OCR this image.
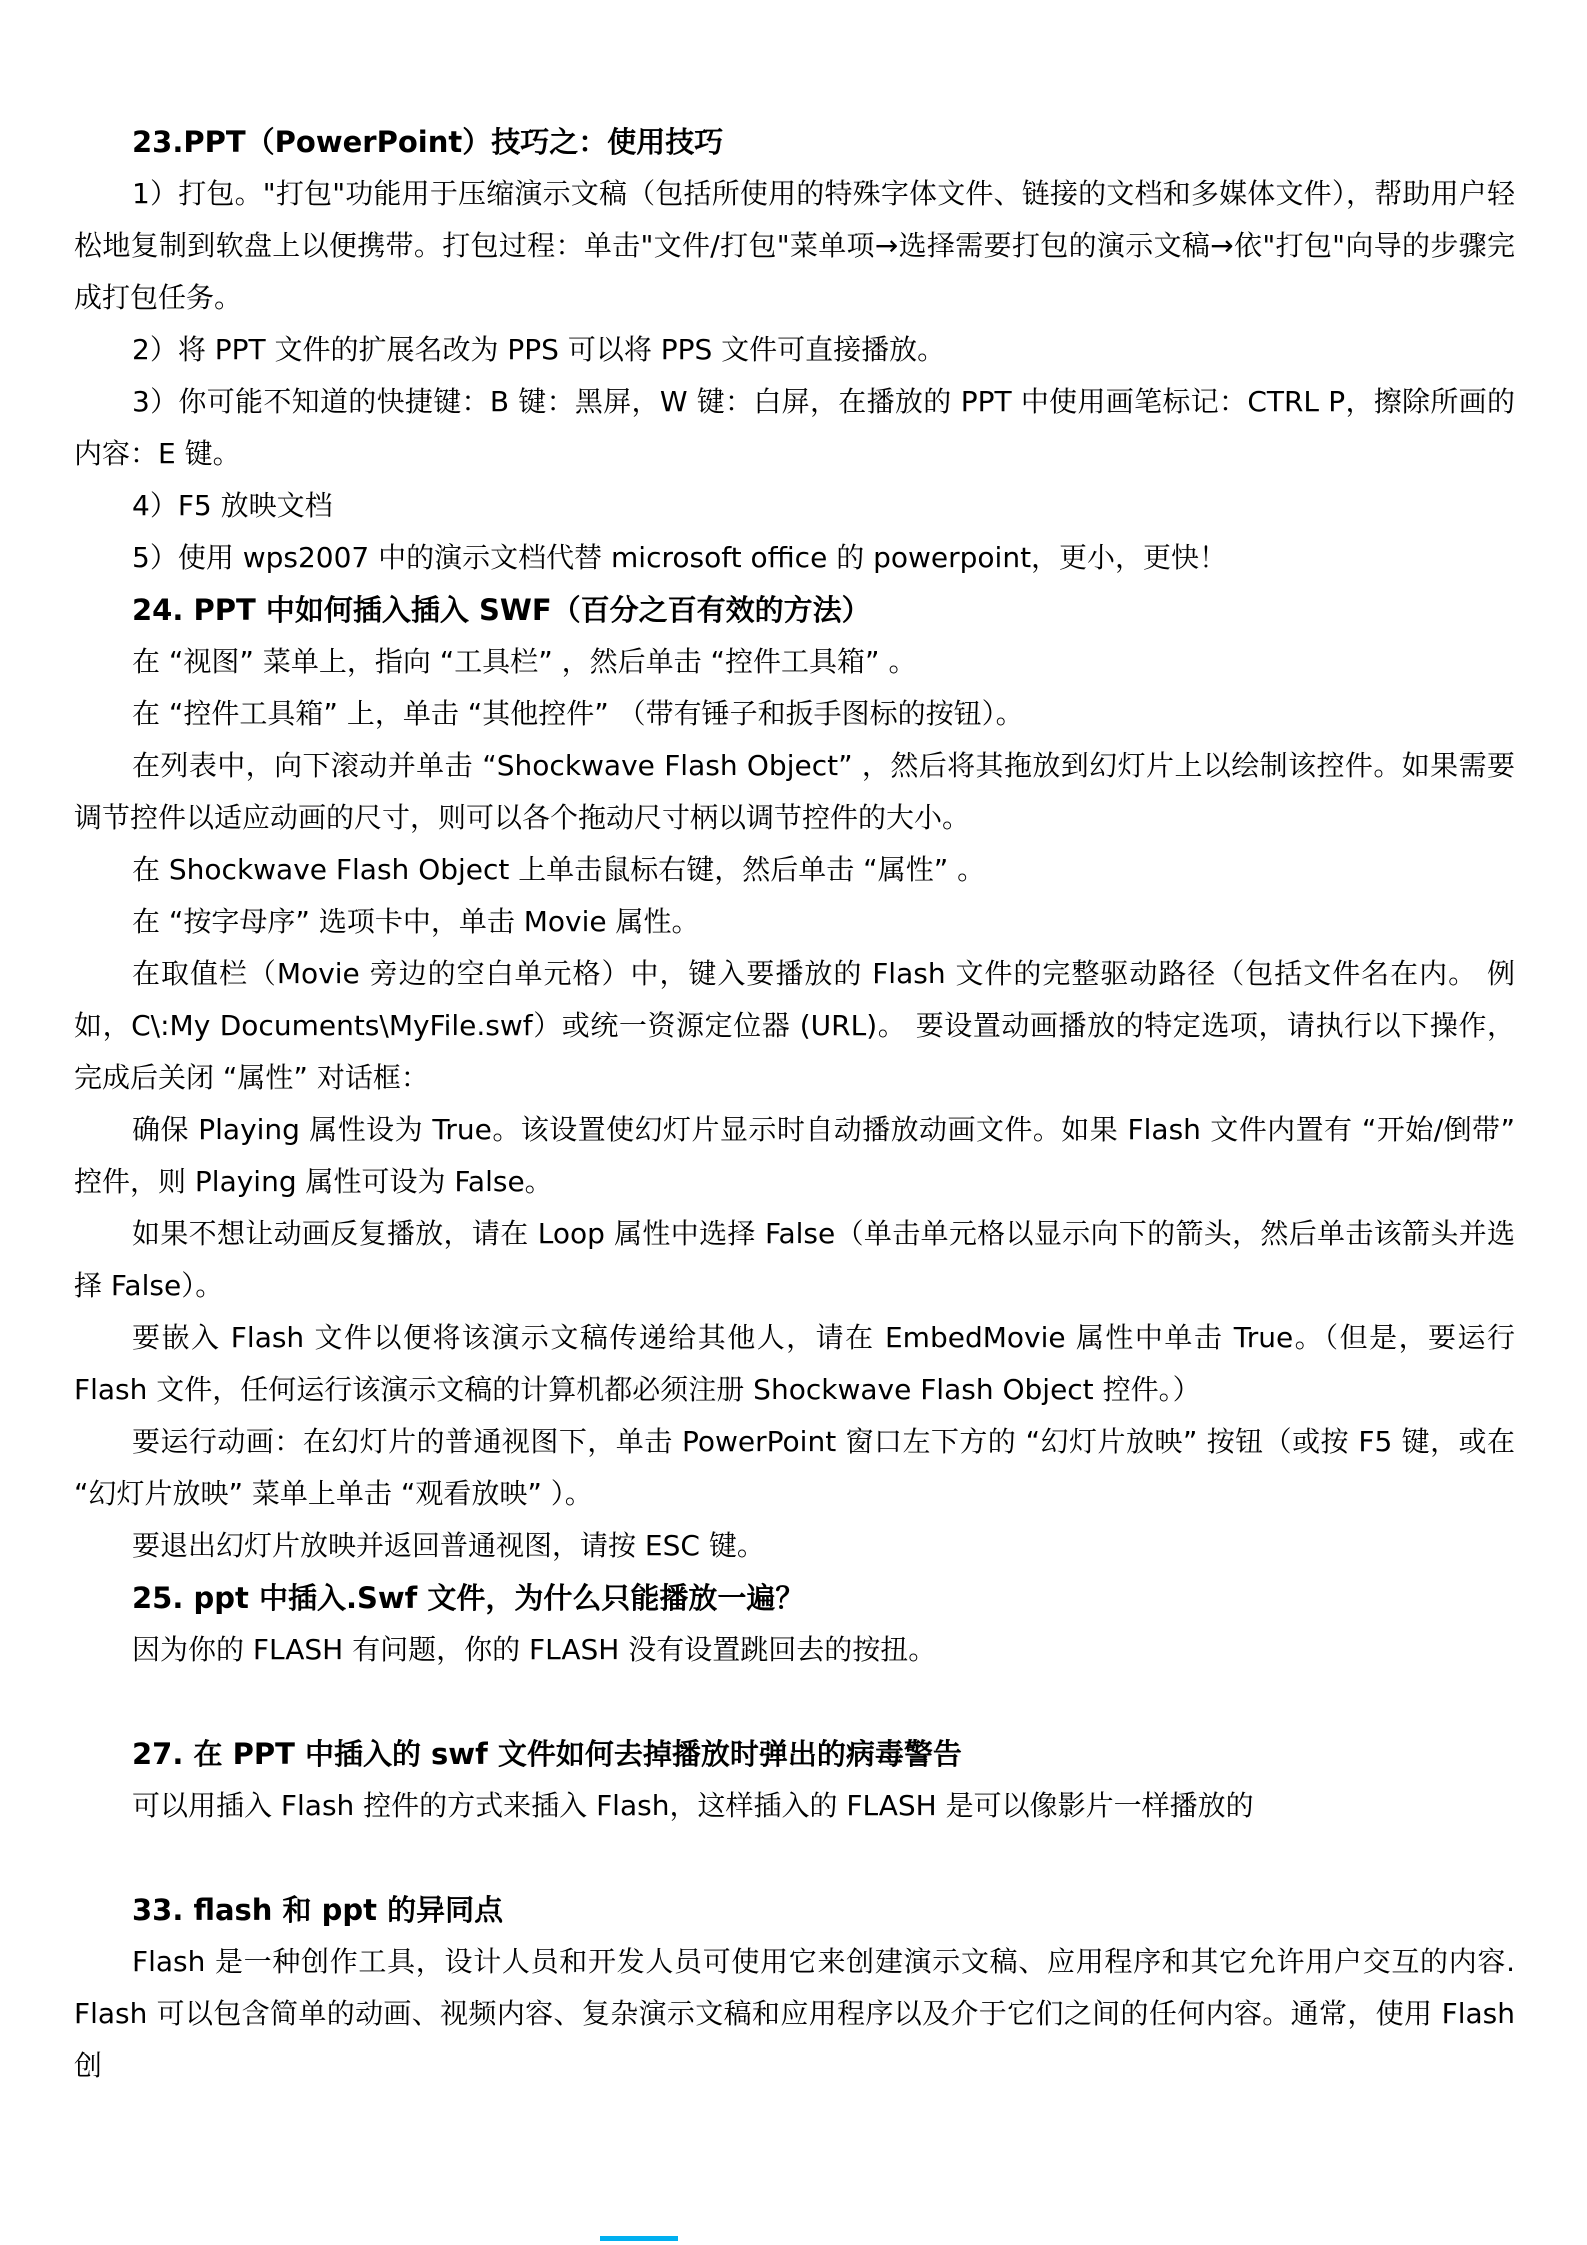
23.PPT（PowerPoint）技巧之：使用技巧

1）打包。"打包"功能用于压缩演示文稿（包括所使用的特殊字体文件、链接的文档和多媒体文件），帮助用户轻松地复制到软盘上以便携带。打包过程：单击"文件/打包"菜单项→选择需要打包的演示文稿→依"打包"向导的步骤完成打包任务。

2）将 PPT 文件的扩展名改为 PPS 可以将 PPS 文件可直接播放。

3）你可能不知道的快捷键：B 键：黑屏，W 键：白屏，在播放的 PPT 中使用画笔标记：CTRL P，擦除所画的内容：E 键。

4）F5 放映文档

5）使用 wps2007 中的演示文档代替 microsoft office 的 powerpoint，更小，更快！

24. PPT 中如何插入插入 SWF（百分之百有效的方法）

在 “视图” 菜单上，指向 “工具栏” ，然后单击 “控件工具箱” 。

在 “控件工具箱” 上，单击 “其他控件” （带有锤子和扳手图标的按钮）。

在列表中，向下滚动并单击 “Shockwave Flash Object” ，然后将其拖放到幻灯片上以绘制该控件。如果需要调节控件以适应动画的尺寸，则可以各个拖动尺寸柄以调节控件的大小。

在 Shockwave Flash Object 上单击鼠标右键，然后单击 “属性” 。

在 “按字母序” 选项卡中，单击 Movie 属性。

在取值栏（Movie 旁边的空白单元格）中，键入要播放的 Flash 文件的完整驱动路径（包括文件名在内。 例如，C\:My Documents\MyFile.swf）或统一资源定位器 (URL)。 要设置动画播放的特定选项，请执行以下操作，完成后关闭 “属性” 对话框：

确保 Playing 属性设为 True。该设置使幻灯片显示时自动播放动画文件。如果 Flash 文件内置有 “开始/倒带” 控件，则 Playing 属性可设为 False。

如果不想让动画反复播放，请在 Loop 属性中选择 False（单击单元格以显示向下的箭头，然后单击该箭头并选择 False）。

要嵌入 Flash 文件以便将该演示文稿传递给其他人，请在 EmbedMovie 属性中单击 True。（但是，要运行 Flash 文件，任何运行该演示文稿的计算机都必须注册 Shockwave Flash Object 控件。）

要运行动画：在幻灯片的普通视图下，单击 PowerPoint 窗口左下方的 “幻灯片放映” 按钮（或按 F5 键，或在 “幻灯片放映” 菜单上单击 “观看放映” ）。

要退出幻灯片放映并返回普通视图，请按 ESC 键。

25. ppt 中插入.Swf 文件，为什么只能播放一遍？

因为你的 FLASH 有问题，你的 FLASH 没有设置跳回去的按扭。

27. 在 PPT 中插入的 swf 文件如何去掉播放时弹出的病毒警告

可以用插入 Flash 控件的方式来插入 Flash，这样插入的 FLASH 是可以像影片一样播放的

33. flash 和 ppt 的异同点

Flash 是一种创作工具，设计人员和开发人员可使用它来创建演示文稿、应用程序和其它允许用户交互的内容. Flash 可以包含简单的动画、视频内容、复杂演示文稿和应用程序以及介于它们之间的任何内容。通常，使用 Flash 创
